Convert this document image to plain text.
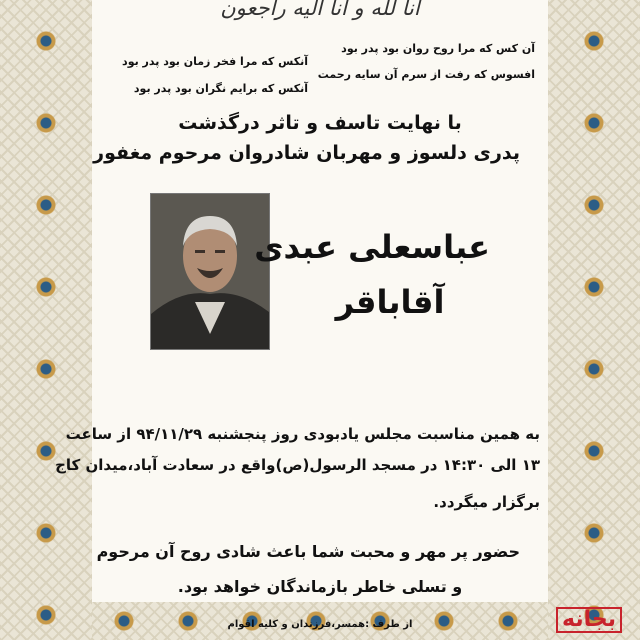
انا لله و انا الیه راجعون
آن کس که مرا روح روان بود پدر بود
افسوس که رفت از سرم آن سایه رحمت
آنکس که مرا فخر زمان بود پدر بود
آنکس که برایم نگران بود پدر بود
با نهایت تاسف و تاثر درگذشت
پدری دلسوز و مهربان شادروان مرحوم مغفور
عباسعلی عبدی
آقاباقر
به همین مناسبت مجلس یادبودی روز پنجشنبه ۹۴/۱۱/۲۹ از ساعت
۱۳ الی ۱۴:۳۰ در مسجد الرسول(ص)واقع در سعادت آباد،میدان کاج
برگزار میگردد.
حضور پر مهر و محبت شما باعث شادی روح آن مرحوم
و تسلی خاطر بازماندگان خواهد بود.
از طرف :همسر،فرزندان و کلیه اقوام	بجانه
